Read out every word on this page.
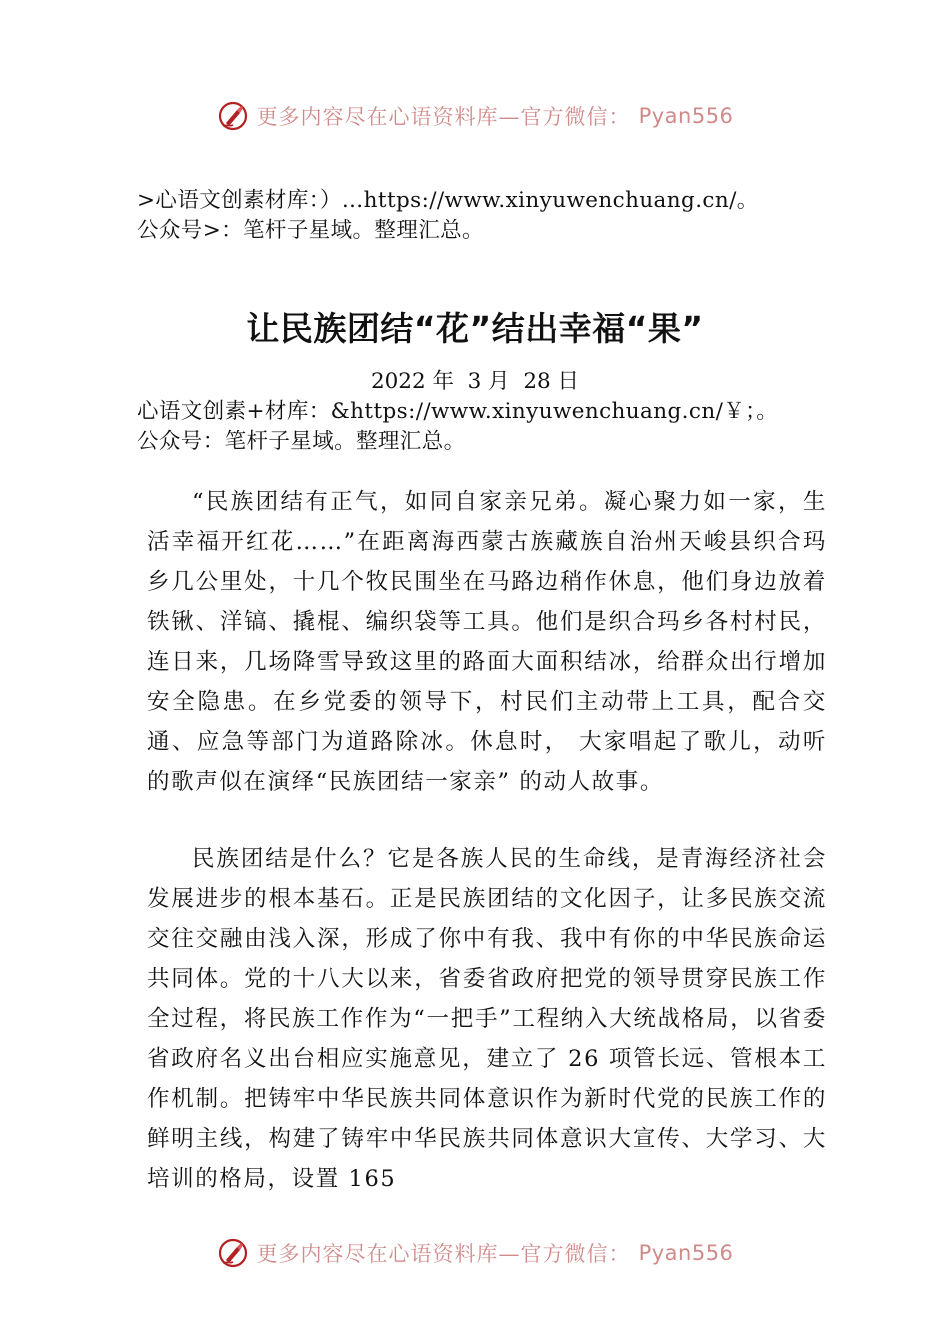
更多内容尽在心语资料库—官方微信： Pyan556
>心语文创素材库：）…https://www.xinyuwenchuang.cn/。
公众号>：笔杆子星域。整理汇总。
让民族团结“花”结出幸福“果”
2022 年  3 月  28 日
心语文创素+材库：&https://www.xinyuwenchuang.cn/￥；。
公众号：笔杆子星域。整理汇总。

“民族团结有正气，如同自家亲兄弟。凝心聚力如一家，生活幸福开红花……”在距离海西蒙古族藏族自治州天峻县织合玛乡几公里处，十几个牧民围坐在马路边稍作休息，他们身边放着铁锹、洋镐、撬棍、编织袋等工具。他们是织合玛乡各村村民，连日来，几场降雪导致这里的路面大面积结冰，给群众出行增加安全隐患。在乡党委的领导下，村民们主动带上工具，配合交通、应急等部门为道路除冰。休息时， 大家唱起了歌儿，动听的歌声似在演绎“民族团结一家亲” 的动人故事。

民族团结是什么？它是各族人民的生命线，是青海经济社会发展进步的根本基石。正是民族团结的文化因子，让多民族交流交往交融由浅入深，形成了你中有我、我中有你的中华民族命运共同体。党的十八大以来，省委省政府把党的领导贯穿民族工作全过程，将民族工作作为“一把手”工程纳入大统战格局，以省委省政府名义出台相应实施意见，建立了 26 项管长远、管根本工作机制。把铸牢中华民族共同体意识作为新时代党的民族工作的鲜明主线，构建了铸牢中华民族共同体意识大宣传、大学习、大培训的格局，设置 165

更多内容尽在心语资料库—官方微信： Pyan556
